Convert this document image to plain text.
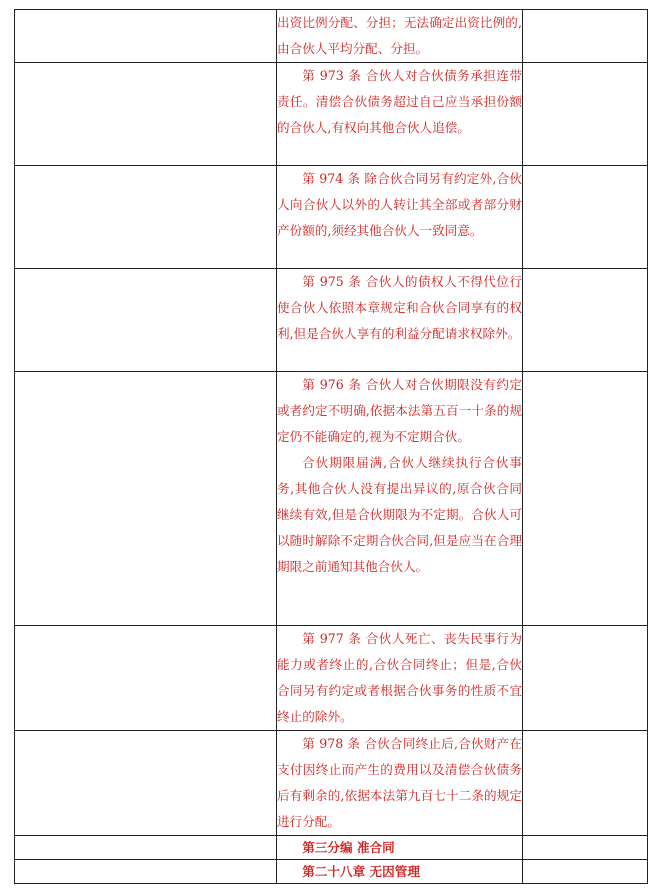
	出资比例分配、分担；无法确定出资比例的,由合伙人平均分配、分担。	

	第 973 条 合伙人对合伙债务承担连带责任。清偿合伙债务超过自己应当承担份额的合伙人,有权向其他合伙人追偿。	

	第 974 条 除合伙合同另有约定外,合伙人向合伙人以外的人转让其全部或者部分财产份额的,须经其他合伙人一致同意。	

	第 975 条 合伙人的债权人不得代位行使合伙人依照本章规定和合伙合同享有的权利,但是合伙人享有的利益分配请求权除外。	

	第 976 条 合伙人对合伙期限没有约定或者约定不明确,依据本法第五百一十条的规定仍不能确定的,视为不定期合伙。

合伙期限届满,合伙人继续执行合伙事务,其他合伙人没有提出异议的,原合伙合同继续有效,但是合伙期限为不定期。合伙人可以随时解除不定期合伙合同,但是应当在合理期限之前通知其他合伙人。	

	第 977 条 合伙人死亡、丧失民事行为能力或者终止的,合伙合同终止；但是,合伙合同另有约定或者根据合伙事务的性质不宜终止的除外。	

	第 978 条 合伙合同终止后,合伙财产在支付因终止而产生的费用以及清偿合伙债务后有剩余的,依据本法第九百七十二条的规定进行分配。	

	第三分编 准合同	

	第二十八章 无因管理	
